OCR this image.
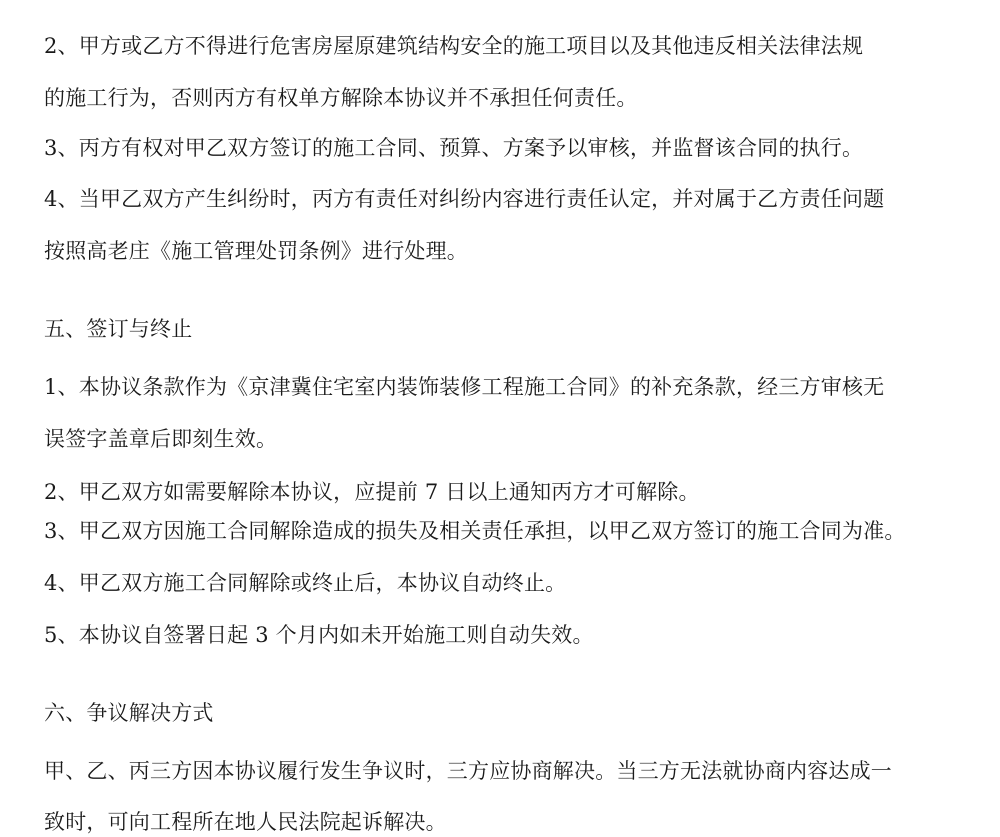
2、甲方或乙方不得进行危害房屋原建筑结构安全的施工项目以及其他违反相关法律法规
的施工行为，否则丙方有权单方解除本协议并不承担任何责任。
3、丙方有权对甲乙双方签订的施工合同、预算、方案予以审核，并监督该合同的执行。
4、当甲乙双方产生纠纷时，丙方有责任对纠纷内容进行责任认定，并对属于乙方责任问题
按照高老庄《施工管理处罚条例》进行处理。
五、签订与终止
1、本协议条款作为《京津冀住宅室内装饰装修工程施工合同》的补充条款，经三方审核无
误签字盖章后即刻生效。
2、甲乙双方如需要解除本协议，应提前 7 日以上通知丙方才可解除。
3、甲乙双方因施工合同解除造成的损失及相关责任承担，以甲乙双方签订的施工合同为准。
4、甲乙双方施工合同解除或终止后，本协议自动终止。
5、本协议自签署日起 3 个月内如未开始施工则自动失效。
六、争议解决方式
甲、乙、丙三方因本协议履行发生争议时，三方应协商解决。当三方无法就协商内容达成一
致时，可向工程所在地人民法院起诉解决。
